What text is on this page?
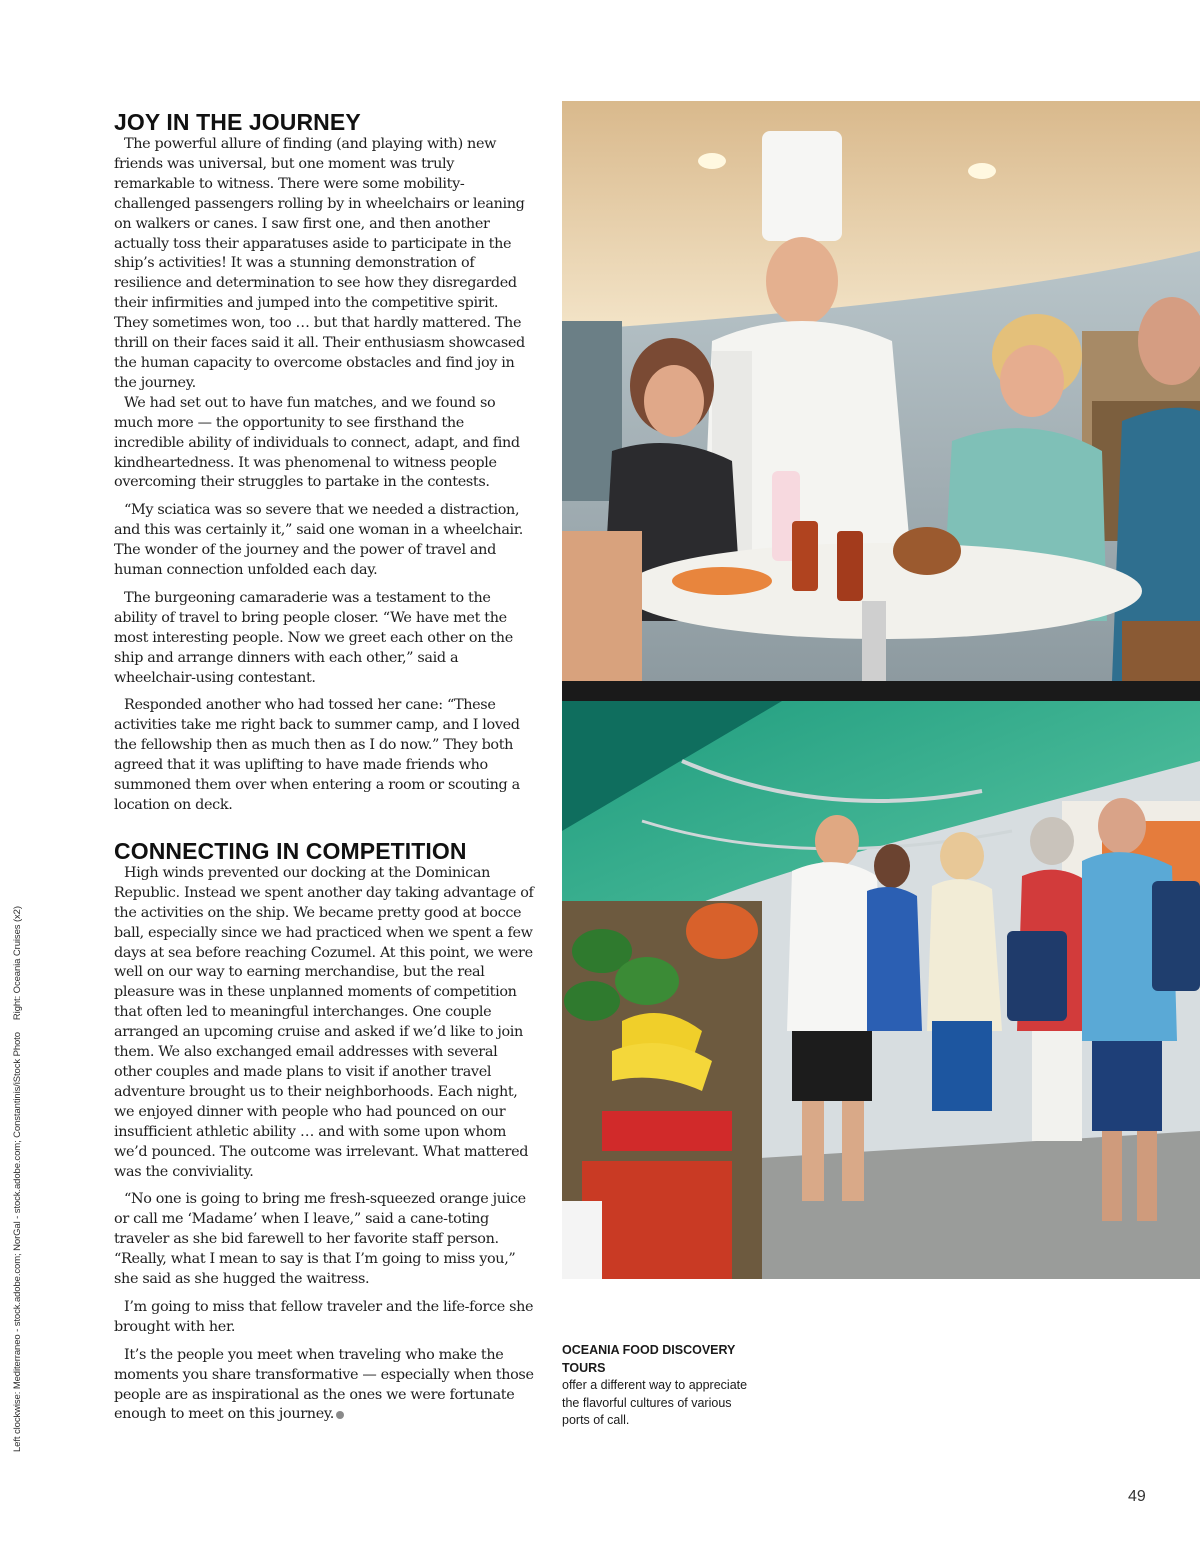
Left clockwise: Mediterraneo - stock.adobe.com; NorGal - stock.adobe.com; Constantinis/iStock PhotoRight: Oceania Cruises (x2)
JOY IN THE JOURNEY

The powerful allure of finding (and playing with) new friends was universal, but one moment was truly remarkable to witness. There were some mobility-challenged passengers rolling by in wheelchairs or leaning on walkers or canes. I saw first one, and then another actually toss their apparatuses aside to participate in the ship’s activities! It was a stunning demonstration of resilience and determination to see how they disregarded their infirmities and jumped into the competitive spirit. They sometimes won, too … but that hardly mattered. The thrill on their faces said it all. Their enthusiasm showcased the human capacity to overcome obstacles and find joy in the journey.

We had set out to have fun matches, and we found so much more — the opportunity to see firsthand the incredible ability of individuals to connect, adapt, and find kindheartedness. It was phenomenal to witness people overcoming their struggles to partake in the contests.

“My sciatica was so severe that we needed a distraction, and this was certainly it,” said one woman in a wheelchair. The wonder of the journey and the power of travel and human connection unfolded each day.

The burgeoning camaraderie was a testament to the ability of travel to bring people closer. “We have met the most interesting people. Now we greet each other on the ship and arrange dinners with each other,” said a wheelchair-using contestant.

Responded another who had tossed her cane: “These activities take me right back to summer camp, and I loved the fellowship then as much then as I do now.” They both agreed that it was uplifting to have made friends who summoned them over when entering a room or scouting a location on deck.

CONNECTING IN COMPETITION

High winds prevented our docking at the Dominican Republic. Instead we spent another day taking advantage of the activities on the ship. We became pretty good at bocce ball, especially since we had practiced when we spent a few days at sea before reaching Cozumel. At this point, we were well on our way to earning merchandise, but the real pleasure was in these unplanned moments of competition that often led to meaningful interchanges. One couple arranged an upcoming cruise and asked if we’d like to join them. We also exchanged email addresses with several other couples and made plans to visit if another travel adventure brought us to their neighborhoods. Each night, we enjoyed dinner with people who had pounced on our insufficient athletic ability … and with some upon whom we’d pounced. The outcome was irrelevant. What mattered was the conviviality.

“No one is going to bring me fresh-squeezed orange juice or call me ‘Madame’ when I leave,” said a cane-toting traveler as she bid farewell to her favorite staff person. “Really, what I mean to say is that I’m going to miss you,” she said as she hugged the waitress.

I’m going to miss that fellow traveler and the life-force she brought with her.

It’s the people you meet when traveling who make the moments you share transformative — especially when those people are as inspirational as the ones we were fortunate enough to meet on this journey.

OCEANIA FOOD DISCOVERY TOURS
offer a different way to appreciate the flavorful cultures of various ports of call.
49
